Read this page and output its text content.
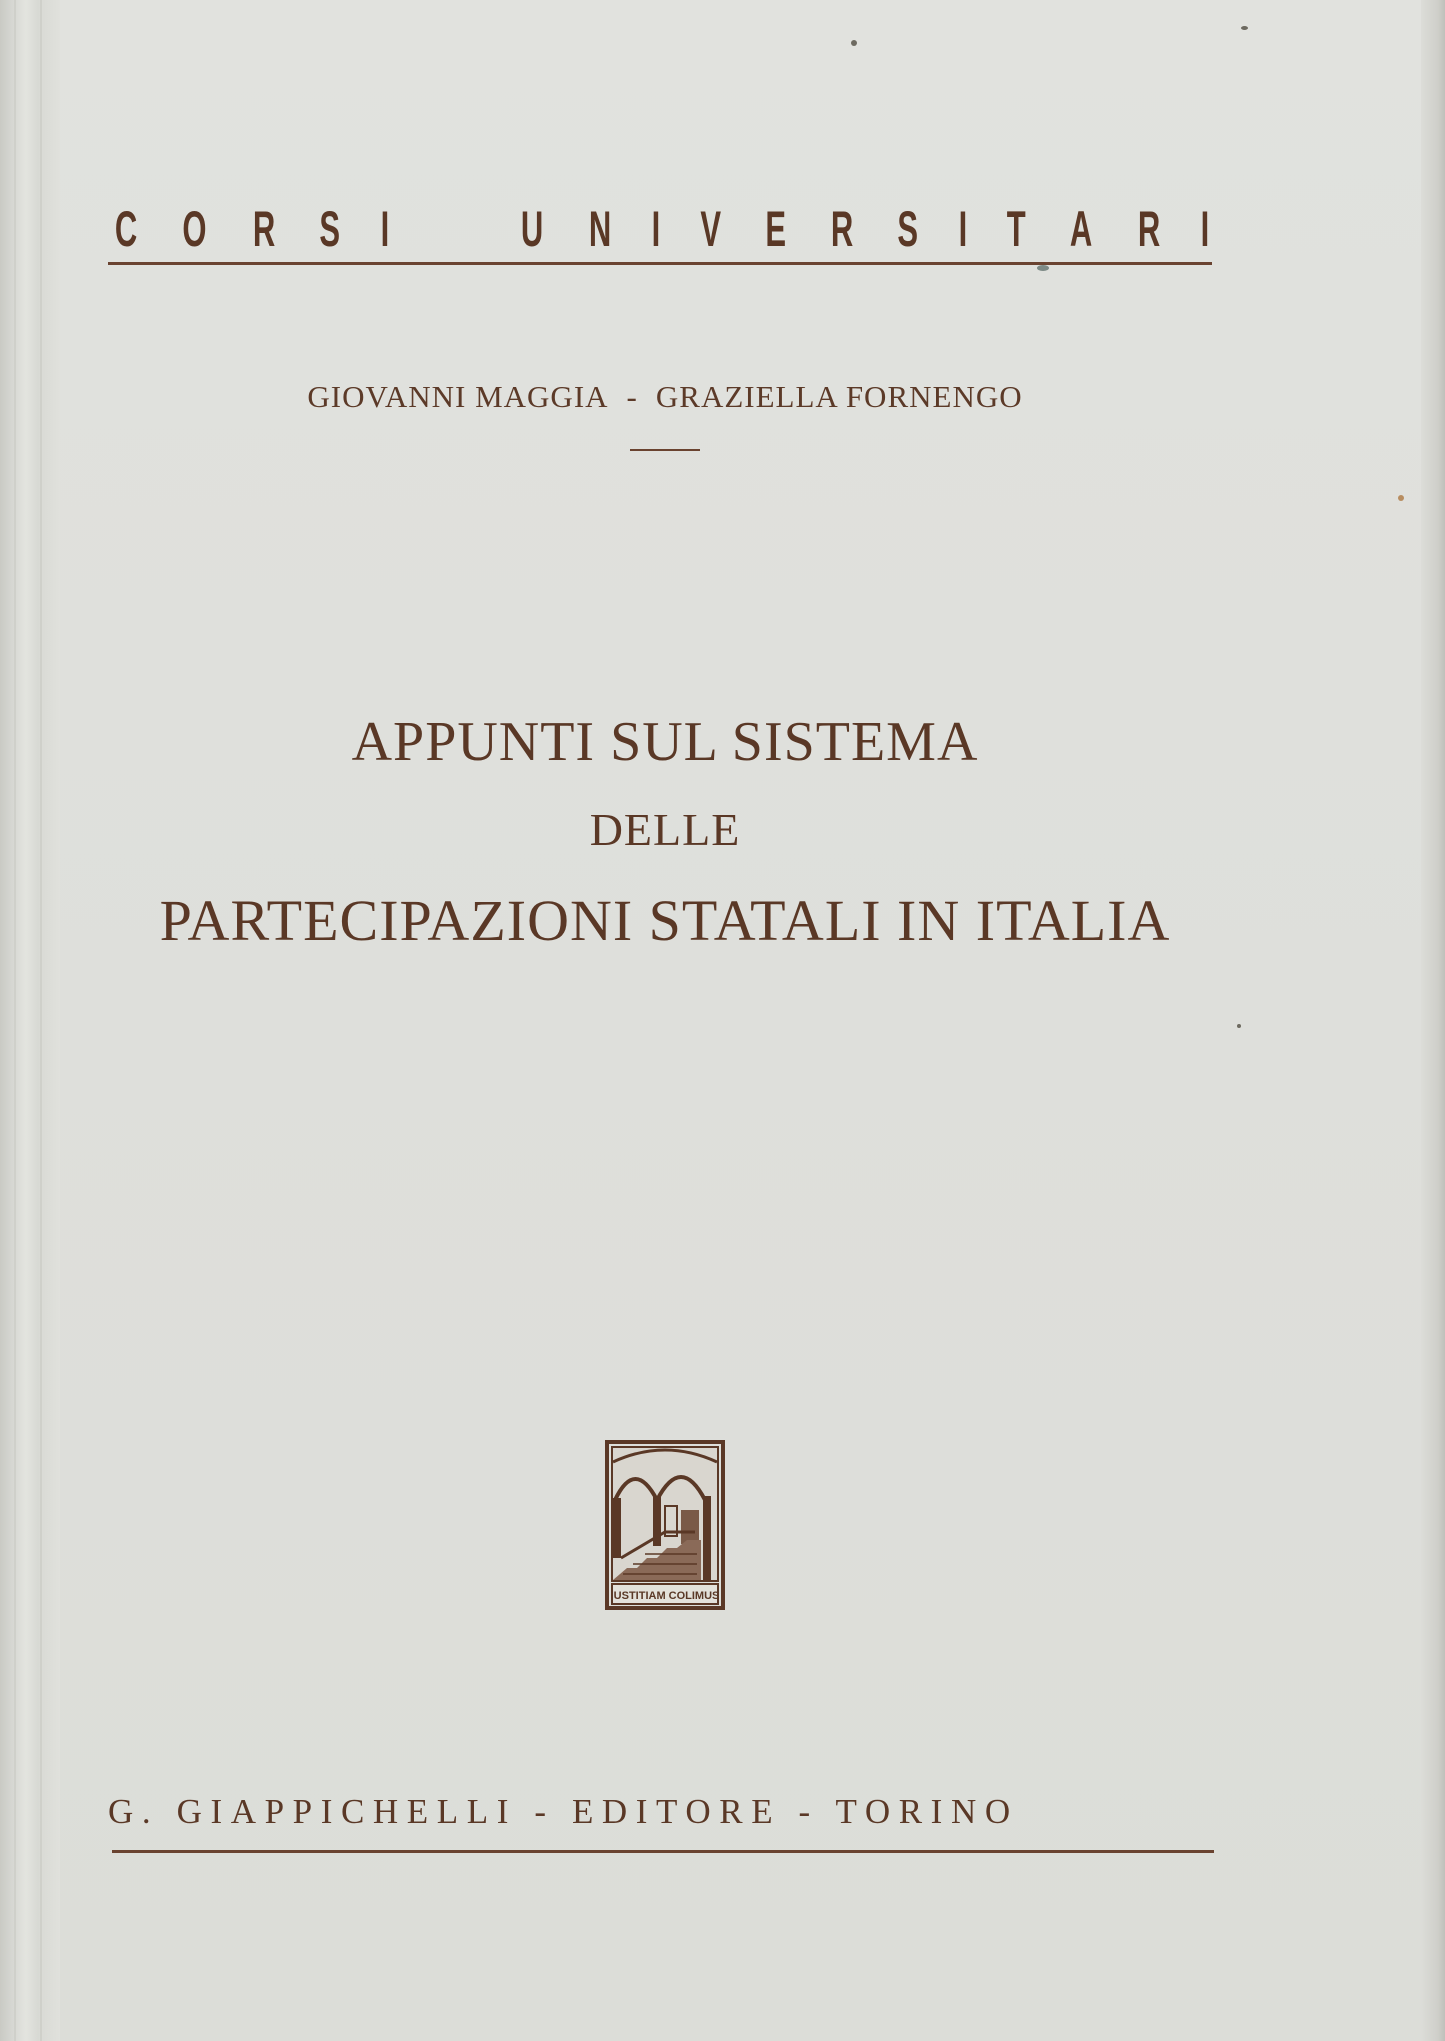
C O R S I	U N I V E R S I T A R I
GIOVANNI MAGGIA - GRAZIELLA FORNENGO
APPUNTI SUL SISTEMA
DELLE
PARTECIPAZIONI STATALI IN ITALIA
IUSTITIAM COLIMUS
G. GIAPPICHELLI - EDITORE - TORINO
